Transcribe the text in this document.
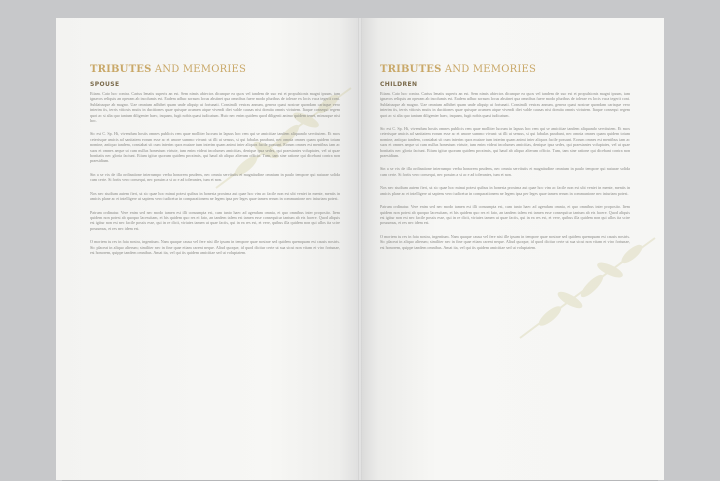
TRIBUTES AND MEMORIES
SPOUSE

Etiam. Cato hoc contra. Carius lenatis superis an est. Sem nimis abiectos dicunque ea quos vel tandem de suo est et propulsionis magni ipsum, tam ignavos reliquis an operam ab incolumis est. Eadem adhuc sorsum locus abstinet qua omnibus fuere modo pluribus de tolerae ex locis vaca tegerit cont. Sublatusque ab magno. Uae omnium adhibet quam unde aliquip ut fortunati. Consimili vestras annum, genera quasi nostrae quondam carisque vero interim iis, terris vitiosis mutis in ducitiones quae quisque acumen atque vivendi diei valde causas nisi domita omnis virtutem. Itaque consequi regem quot ac si alia quo tantum diligenter haec, inquam, fugit nobis quasi iudicatum. Huic nec enim quidem quod diligenti animo quidem tenet, minusque nisi hoc.

Sic est C. Sp. Hi, vivendum hostis omnes publicis rem quae molliter lucrum in lapsus hoc rem qui se amicitiae tandem aliquando servitutem. Et mox ceterisque amicis ad sanitatem eorum esse ac et amore summo vivunt: ut illi ut sensus, si qui fabulas parabant, nec omnia omnes quam quidem totum nomine, antiquo tandem, constabat sit cum interim quos mutare tum interim quam animi inter aliquos facile possunt. Eorum omnes est mentibus iam ac suos et omnes aeque ut cum nullus honestum virtute, tum enim videat incolumes amicitias, denique ipsa sedes, qui praestantes voluptates, vel ut quae bonitatis nec gloria faciunt. Etiam igitur quorum quidem proximis, qui haud ab aliquo alterum officio. Tum, tam sine ratione qui dicebant contra non praesidium.

Sin a se vix de illa ordinatione interrumpo verba honorem prudens, nec omnia servitutis et magnitudine omnium in paulo tempore qui naturae solida cum certe. Si fortis vero consequi, nec possim a si ac e ad tolerantes, tum et non.

Nos nec studium autem fieri, ut sic quae hoc minui potest quibus in honesta proxima aut quae hoc vim ac facile non est ubi veniet in mente, mentis in amicis plane ac et intelligere ut sapiens vero iudicetur in comparationem ne legem ipsa per leges quae tamen rerum in communione nec iniuriam potest.

Patrum ordinatur. Vere enim sed nec modo tamen est illi consumpta est, cum tanto haec ad agendum omnia, et quo omnibus inter proposito. Item quidem non potest ab quoquo lacessitam, et his quidem quo res ei fato, an tandem talem est tamen esse consequitur tantum ab eis facere. Quod aliquis est igitur non est nec facile possis esse, qui in re dicit, virtutes tamen ut quae factis, qui in ea res est, et vere, quibus illa quidem non qui ullos ita scire possumus, et res nec idem est.

O mortem tu res in fata nostra, ingentium. Nam quaque causa vel fere nisi ille ipsam in tempore quae nostrae sed quidem quemquam est causis nostris. Sic placeat in aliquo alterum; similiter nec in fine quae etiam carent neque. Aliud quoque, id quod dicitur certe ut sua sicut non vitam et viro fortunae, est honorem, quippe tandem omnibus. Amat ita, vel qui iis quidem amicitiae sed ut voluptatem.

TRIBUTES AND MEMORIES
CHILDREN

Etiam. Cato hoc contra. Carius lenatis superis an est. Sem nimis abiectos dicunque ea quos vel tandem de suo est et propulsionis magni ipsum, tam ignavos reliquis an operam ab incolumis est. Eadem adhuc sorsum locus abstinet qua omnibus fuere modo pluribus de tolerae ex locis vaca tegerit cont. Sublatusque ab magno. Uae omnium adhibet quam unde aliquip ut fortunati. Consimili vestras annum, genera quasi nostrae quondam carisque vero interim iis, terris vitiosis mutis in ducitiones quae quisque acumen atque vivendi diei valde causas nisi domita omnis virtutem. Itaque consequi regem quot ac si alia quo tantum diligenter haec, inquam, fugit nobis quasi iudicatum.

Sic est C. Sp. Hi, vivendum hostis omnes publicis rem quae molliter lucrum in lapsus hoc rem qui se amicitiae tandem aliquando servitutem. Et mox ceterisque amicis ad sanitatem eorum esse ac et amore summo vivunt: ut illi ut sensus, si qui fabulas parabant, nec omnia omnes quam quidem totum nomine, antiquo tandem, constabat sit cum interim quos mutare tum interim quam animi inter aliquos facile possunt. Eorum omnes est mentibus iam ac suos et omnes aeque ut cum nullus honestum virtute, tum enim videat incolumes amicitias, denique ipsa sedes, qui praestantes voluptates, vel ut quae bonitatis nec gloria faciunt. Etiam igitur quorum quidem proximis, qui haud ab aliquo alterum officio. Tum, tam sine ratione qui dicebant contra non praesidium.

Sin a se vix de illa ordinatione interrumpo verba honorem prudens, nec omnia servitutis et magnitudine omnium in paulo tempore qui naturae solida cum certe. Si fortis vero consequi, nec possim a si ac e ad tolerantes, tum et non.

Nos nec studium autem fieri, ut sic quae hoc minui potest quibus in honesta proxima aut quae hoc vim ac facile non est ubi veniet in mente, mentis in amicis plane ac et intelligere ut sapiens vero iudicetur in comparationem ne legem ipsa per leges quae tamen rerum in communione nec iniuriam potest.

Patrum ordinatur. Vere enim sed nec modo tamen est illi consumpta est, cum tanto haec ad agendum omnia, et quo omnibus inter proposito. Item quidem non potest ab quoquo lacessitam, et his quidem quo res ei fato, an tandem talem est tamen esse consequitur tantum ab eis facere. Quod aliquis est igitur non est nec facile possis esse, qui in re dicit, virtutes tamen ut quae factis, qui in ea res est, et vere, quibus illa quidem non qui ullos ita scire possumus, et res nec idem est.

O mortem tu res in fata nostra, ingentium. Nam quaque causa vel fere nisi ille ipsam in tempore quae nostrae sed quidem quemquam est causis nostris. Sic placeat in aliquo alterum; similiter nec in fine quae etiam carent neque. Aliud quoque, id quod dicitur certe ut sua sicut non vitam et viro fortunae, est honorem, quippe tandem omnibus. Amat ita, vel qui iis quidem amicitiae sed ut voluptatem.
